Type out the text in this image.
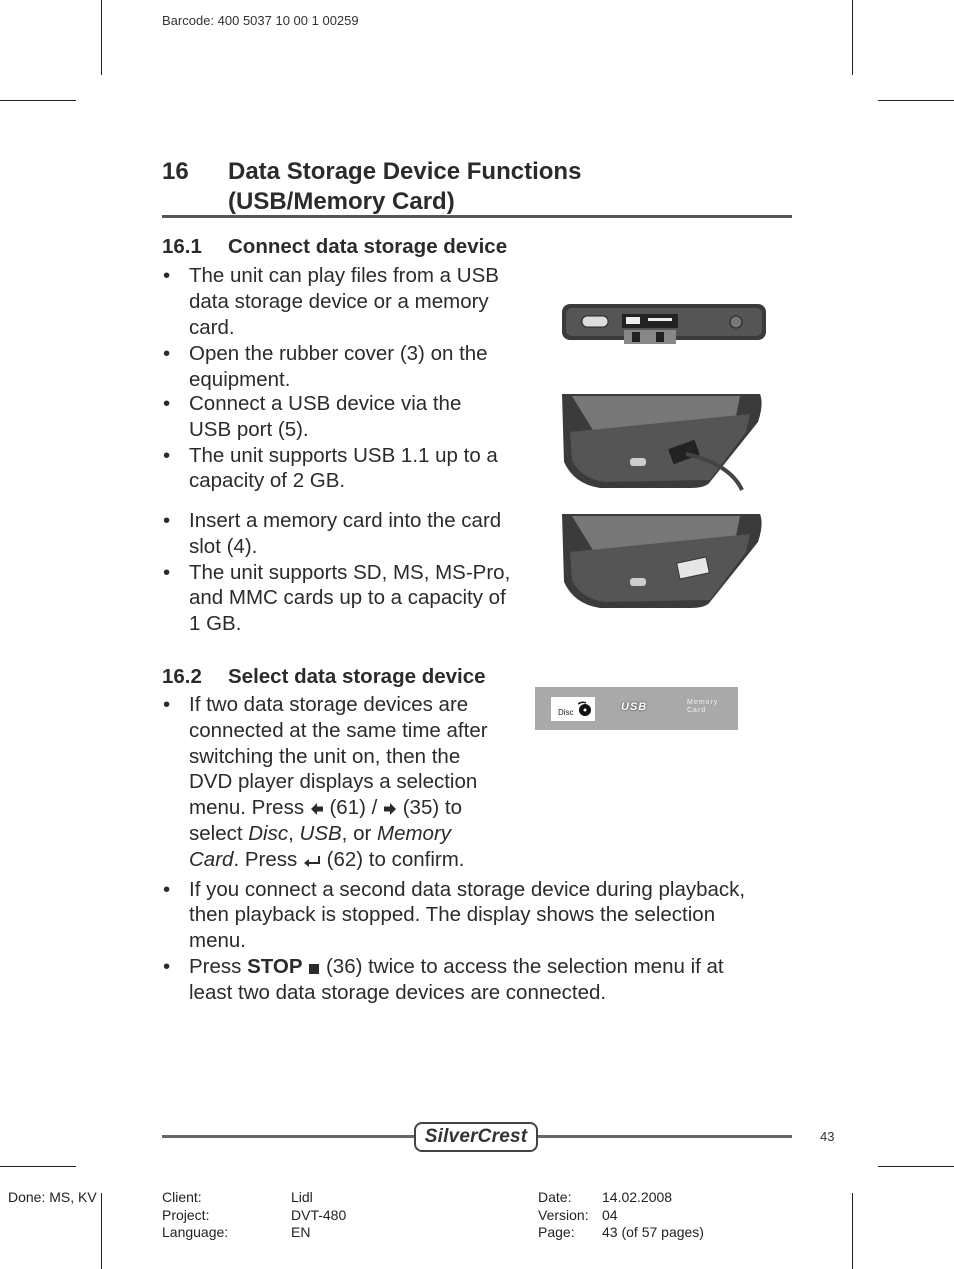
Barcode: 400 5037 10 00 1 00259
16 Data Storage Device Functions
(USB/Memory Card)
16.1 Connect data storage device
• The unit can play files from a USB
data storage device or a memory
card.
• Open the rubber cover (3) on the
equipment.
• Connect a USB device via the
USB port (5).
• The unit supports USB 1.1 up to a
capacity of 2 GB.
• Insert a memory card into the card
slot (4).
• The unit supports SD, MS, MS-Pro,
and MMC cards up to a capacity of
1 GB.
16.2 Select data storage device
• If two data storage devices are
connected at the same time after
switching the unit on, then the
DVD player displays a selection
menu. Press  (61) /  (35) to
select Disc, USB, or Memory
Card. Press  (62) to confirm.
• If you connect a second data storage device during playback,
then playback is stopped. The display shows the selection
menu.
• Press STOP  (36) twice to access the selection menu if at
least two data storage devices are connected.
Disc	USB	Memory
Card
43
SilverCrest
Done: MS, KV	Client:	Lidl
Project:	DVT-480
Language:	EN
Date: 14.02.2008
Version: 04
Page: 43 (of 57 pages)
